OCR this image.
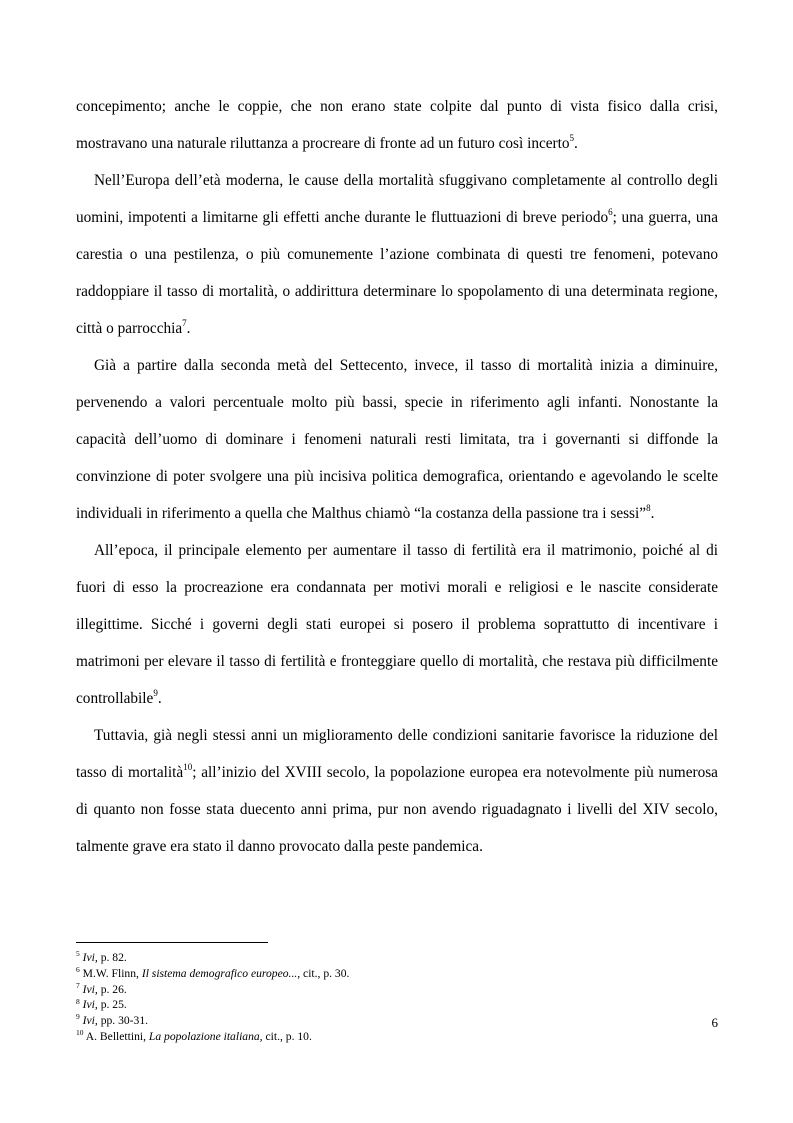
concepimento; anche le coppie, che non erano state colpite dal punto di vista fisico dalla crisi, mostravano una naturale riluttanza a procreare di fronte ad un futuro così incerto$^5$.

Nell’Europa dell’età moderna, le cause della mortalità sfuggivano completamente al controllo degli uomini, impotenti a limitarne gli effetti anche durante le fluttuazioni di breve periodo$^6$; una guerra, una carestia o una pestilenza, o più comunemente l’azione combinata di questi tre fenomeni, potevano raddoppiare il tasso di mortalità, o addirittura determinare lo spopolamento di una determinata regione, città o parrocchia$^7$.

Già a partire dalla seconda metà del Settecento, invece, il tasso di mortalità inizia a diminuire, pervenendo a valori percentuale molto più bassi, specie in riferimento agli infanti. Nonostante la capacità dell’uomo di dominare i fenomeni naturali resti limitata, tra i governanti si diffonde la convinzione di poter svolgere una più incisiva politica demografica, orientando e agevolando le scelte individuali in riferimento a quella che Malthus chiamò “la costanza della passione tra i sessi”$^8$.

All’epoca, il principale elemento per aumentare il tasso di fertilità era il matrimonio, poiché al di fuori di esso la procreazione era condannata per motivi morali e religiosi e le nascite considerate illegittime. Sicché i governi degli stati europei si posero il problema soprattutto di incentivare i matrimoni per elevare il tasso di fertilità e fronteggiare quello di mortalità, che restava più difficilmente controllabile$^9$.

Tuttavia, già negli stessi anni un miglioramento delle condizioni sanitarie favorisce la riduzione del tasso di mortalità$^{10}$; all’inizio del XVIII secolo, la popolazione europea era notevolmente più numerosa di quanto non fosse stata duecento anni prima, pur non avendo riguadagnato i livelli del XIV secolo, talmente grave era stato il danno provocato dalla peste pandemica.

$^5$ Ivi, p. 82.

$^6$ M.W. Flinn, Il sistema demografico europeo..., cit., p. 30.

$^7$ Ivi, p. 26.

$^8$ Ivi, p. 25.

$^9$ Ivi, pp. 30-31.

$^{10}$ A. Bellettini, La popolazione italiana, cit., p. 10.

6
